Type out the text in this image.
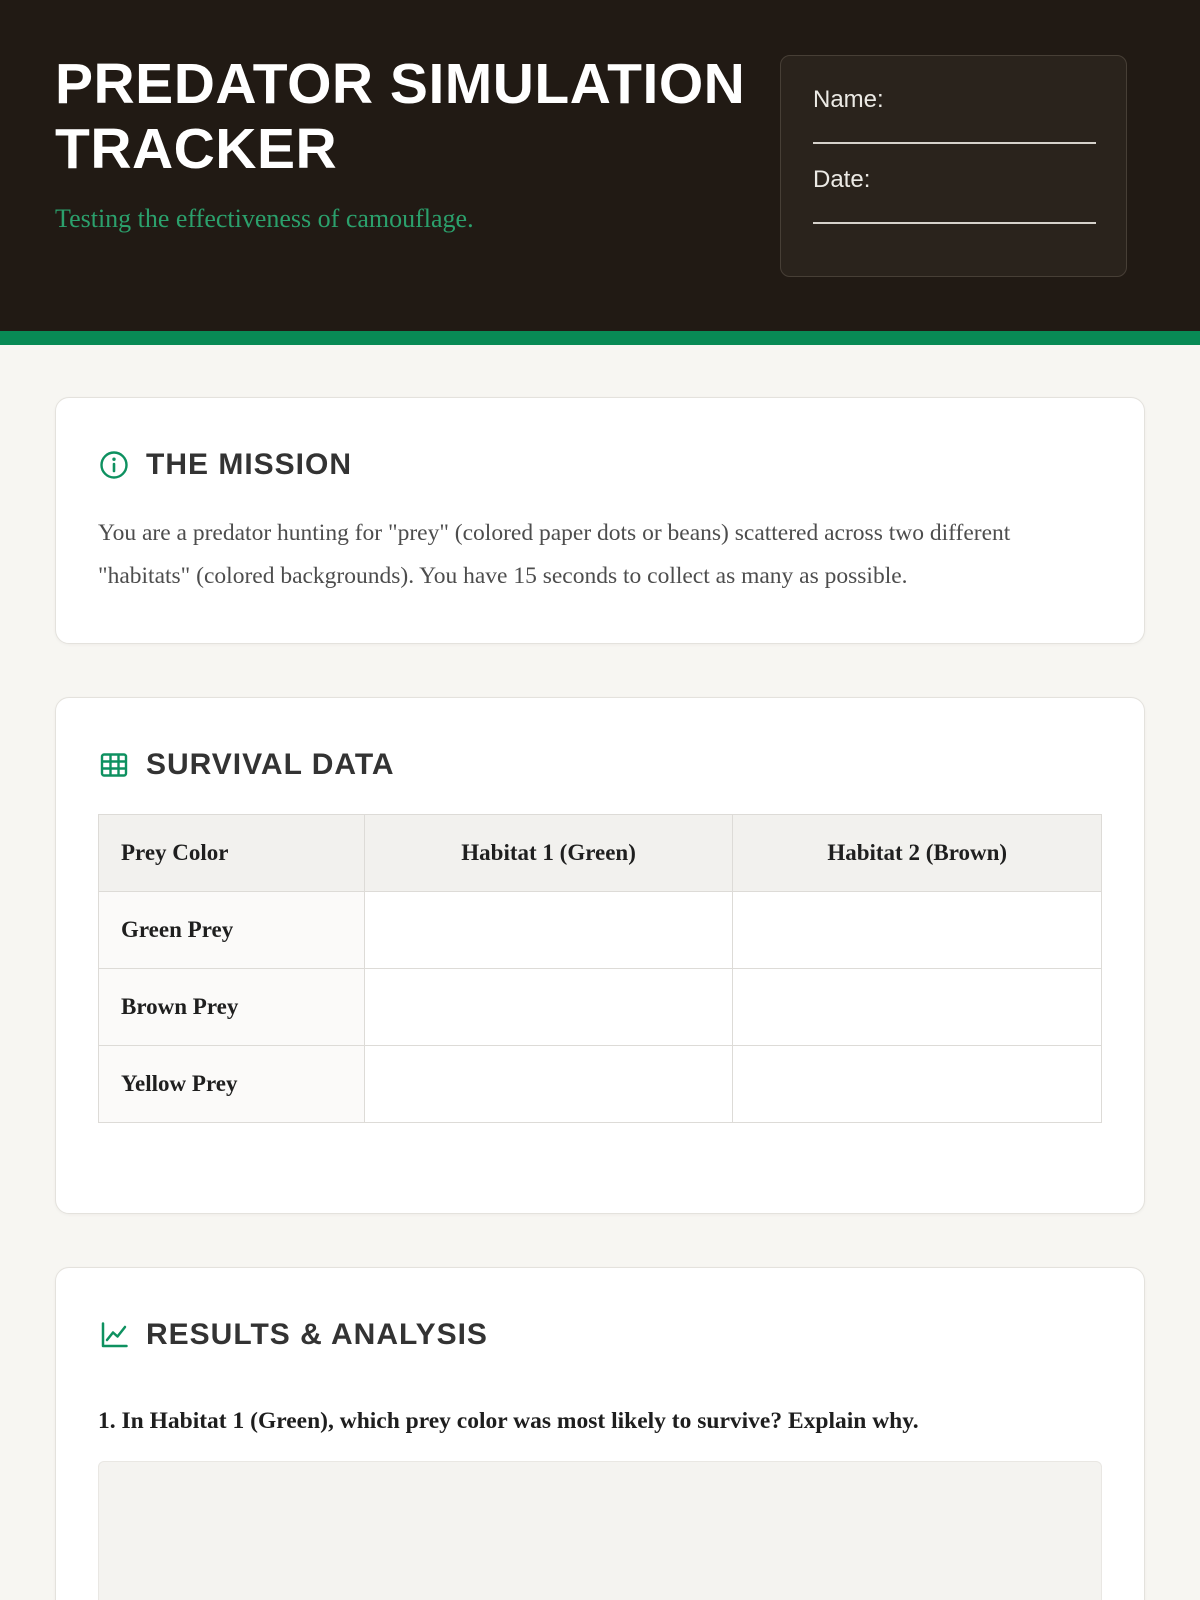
PREDATOR SIMULATION TRACKER
Testing the effectiveness of camouflage.
Name:
Date:
THE MISSION

You are a predator hunting for "prey" (colored paper dots or beans) scattered across two different "habitats" (colored backgrounds). You have 15 seconds to collect as many as possible.

SURVIVAL DATA
Prey Color	Habitat 1 (Green)	Habitat 2 (Brown)
Green Prey		
Brown Prey		
Yellow Prey		
RESULTS & ANALYSIS
1. In Habitat 1 (Green), which prey color was most likely to survive? Explain why.
